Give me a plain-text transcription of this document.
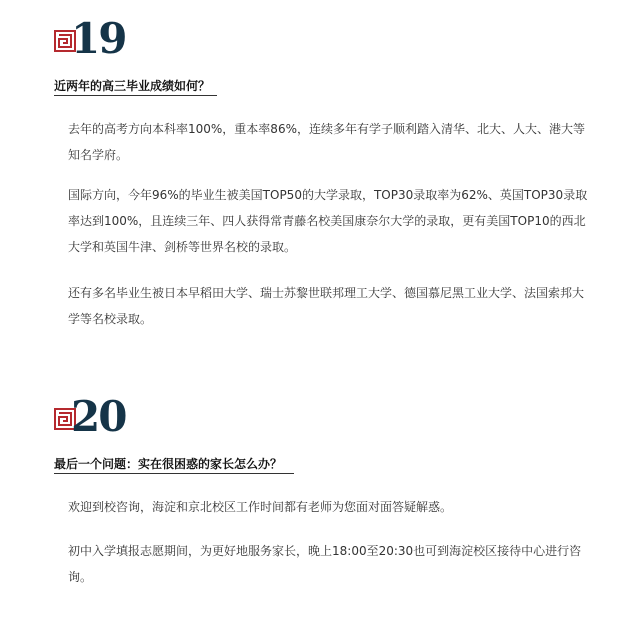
19
近两年的高三毕业成绩如何？

去年的高考方向本科率100%，重本率86%，连续多年有学子顺利踏入清华、北大、人大、港大等知名学府。

国际方向，今年96%的毕业生被美国TOP50的大学录取，TOP30录取率为62%、英国TOP30录取率达到100%，且连续三年、四人获得常青藤名校美国康奈尔大学的录取，更有美国TOP10的西北大学和英国牛津、剑桥等世界名校的录取。

还有多名毕业生被日本早稻田大学、瑞士苏黎世联邦理工大学、德国慕尼黑工业大学、法国索邦大学等名校录取。

20
最后一个问题：实在很困惑的家长怎么办？

欢迎到校咨询，海淀和京北校区工作时间都有老师为您面对面答疑解惑。

初中入学填报志愿期间，为更好地服务家长，晚上18:00至20:30也可到海淀校区接待中心进行咨询。
